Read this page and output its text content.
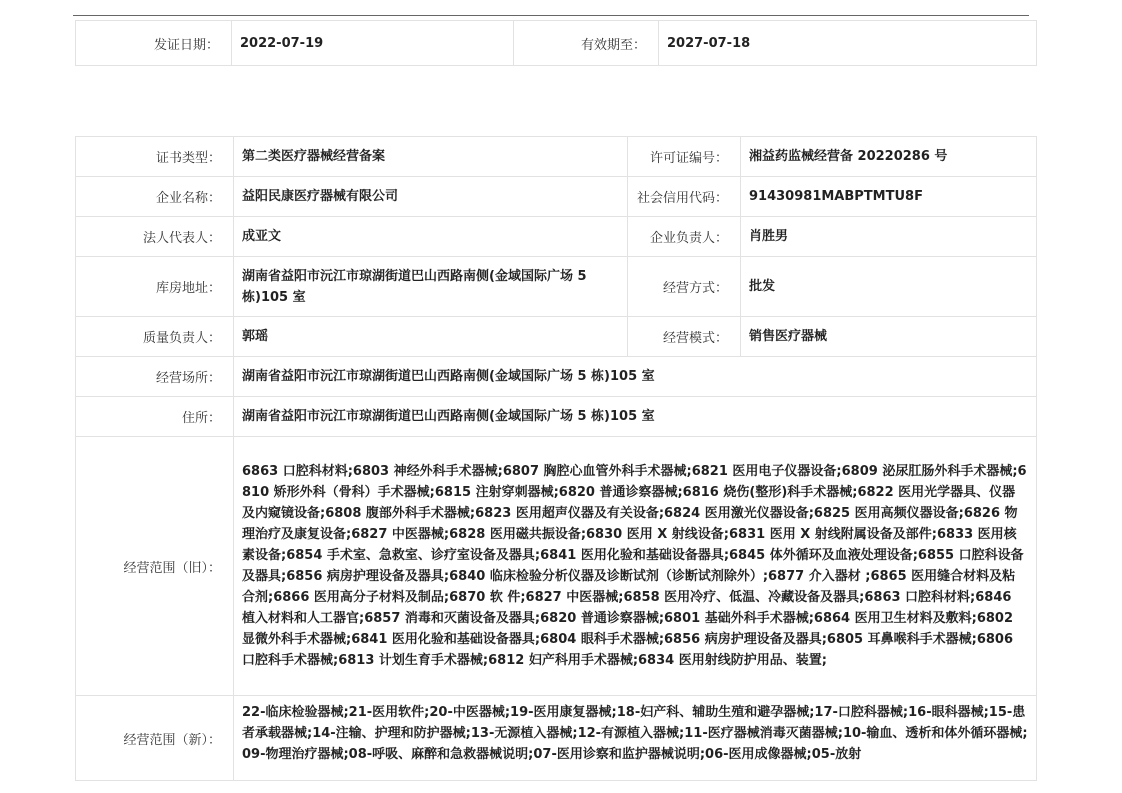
发证日期：	2022-07-19	有效期至：	2027-07-18
证书类型：	第二类医疗器械经营备案	许可证编号：	湘益药监械经营备 20220286 号
企业名称：	益阳民康医疗器械有限公司	社会信用代码：	91430981MABPTMTU8F
法人代表人：	成亚文	企业负责人：	肖胜男
库房地址：	湖南省益阳市沅江市琼湖街道巴山西路南侧(金域国际广场 5 栋)105 室	经营方式：	批发
质量负责人：	郭瑶	经营模式：	销售医疗器械
经营场所：	湖南省益阳市沅江市琼湖街道巴山西路南侧(金域国际广场 5 栋)105 室		
住所：	湖南省益阳市沅江市琼湖街道巴山西路南侧(金域国际广场 5 栋)105 室		
经营范围（旧）：	6863 口腔科材料;6803 神经外科手术器械;6807 胸腔心血管外科手术器械;6821 医用电子仪器设备;6809 泌尿肛肠外科手术器械;6810 矫形外科（骨科）手术器械;6815 注射穿刺器械;6820 普通诊察器械;6816 烧伤(整形)科手术器械;6822 医用光学器具、仪器及内窥镜设备;6808 腹部外科手术器械;6823 医用超声仪器及有关设备;6824 医用激光仪器设备;6825 医用高频仪器设备;6826 物理治疗及康复设备;6827 中医器械;6828 医用磁共振设备;6830 医用 X 射线设备;6831 医用 X 射线附属设备及部件;6833 医用核素设备;6854 手术室、急救室、诊疗室设备及器具;6841 医用化验和基础设备器具;6845 体外循环及血液处理设备;6855 口腔科设备及器具;6856 病房护理设备及器具;6840 临床检验分析仪器及诊断试剂（诊断试剂除外）;6877 介入器材 ;6865 医用缝合材料及粘合剂;6866 医用高分子材料及制品;6870 软 件;6827 中医器械;6858 医用冷疗、低温、冷藏设备及器具;6863 口腔科材料;6846 植入材料和人工器官;6857 消毒和灭菌设备及器具;6820 普通诊察器械;6801 基础外科手术器械;6864 医用卫生材料及敷料;6802 显微外科手术器械;6841 医用化验和基础设备器具;6804 眼科手术器械;6856 病房护理设备及器具;6805 耳鼻喉科手术器械;6806 口腔科手术器械;6813 计划生育手术器械;6812 妇产科用手术器械;6834 医用射线防护用品、装置;		
经营范围（新）：	22-临床检验器械;21-医用软件;20-中医器械;19-医用康复器械;18-妇产科、辅助生殖和避孕器械;17-口腔科器械;16-眼科器械;15-患者承载器械;14-注输、护理和防护器械;13-无源植入器械;12-有源植入器械;11-医疗器械消毒灭菌器械;10-输血、透析和体外循环器械;09-物理治疗器械;08-呼吸、麻醉和急救器械说明;07-医用诊察和监护器械说明;06-医用成像器械;05-放射		
